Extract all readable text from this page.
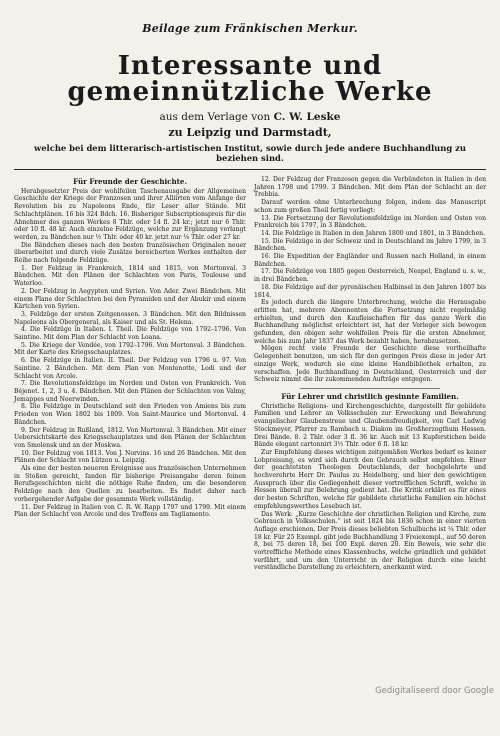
Beilage zum Fränkischen Merkur.
Interessante und gemeinnützliche Werke
aus dem Verlage von C. W. Leske
zu Leipzig und Darmstadt,
welche bei dem litterarisch-artistischen Institut, sowie durch jede andere Buchhandlung zu beziehen sind.
Für Freunde der Geschichte.

Herabgesetzter Preis der wohlfeilen Taschenausgabe der Allgemeinen Geschichte der Kriege der Franzosen und ihrer Alliirten vom Anfange der Revolution bis zu Napoleons Ende, für Leser aller Stände. Mit Schlachtplänen. 16 bis 324 Bdch. 16. Bisheriger Subscriptionspreis für die Abnehmer des ganzen Werkes 8 Thlr. oder 14 fl. 24 kr.; jetzt nur 6 Thlr. oder 10 fl. 48 kr. Auch einzelne Feldzüge, welche zur Ergänzung verlangt werden, zu Bändchen nur ½ Thlr. oder 40 kr. jetzt nur ⅛ Thlr. oder 27 kr.

Die Bändchen dieses nach den besten französischen Originalen neuer überarbeitet und durch viele Zusätze bereicherten Werkes enthalten der Reihe nach folgende Feldzüge.

1. Der Feldzug in Frankreich, 1814 und 1815, von Mortonval. 3 Bändchen. Mit den Plänen der Schlachten von Paris, Toulouse und Waterloo.

2. Der Feldzug in Aegypten und Syrien. Von Ader. Zwei Bändchen. Mit einem Plane der Schlachten bei den Pyramiden und der Abukir und einem Kärtchen von Syrien.

3. Feldzüge der ersten Zeitgenossen. 3 Bändchen. Mit den Bildnissen Napoleons als Obergeneral, als Kaiser und als St. Helena.

4. Die Feldzüge in Italien. I. Theil. Die Feldzüge von 1792–1796. Von Saintine. Mit dem Plan der Schlacht von Loana.

5. Die Kriege der Vendée, von 1792–1796. Von Mortonval. 3 Bändchen. Mit der Karte des Kriegsschauplatzes.

6. Die Feldzüge in Italien. II. Theil. Der Feldzug von 1796 u. 97. Von Saintine. 2 Bändchen. Mit dem Plan von Montenotte, Lodi und der Schlacht von Arcole.

7. Die Revolutionsfeldzüge im Norden und Osten von Frankreich. Von Béjenet. 1, 2, 3 u. 4. Bändchen. Mit den Plänen der Schlachten von Valmy, Jemappes und Neerwinden.

8. Die Feldzüge in Deutschland seit den Frieden von Amiens bis zum Frieden von Wien 1802 bis 1809. Von Saint-Maurice und Mortonval. 4 Bändchen.

9. Der Feldzug in Rußland, 1812. Von Mortonval. 3 Bändchen. Mit einer Uebersichtskarte des Kriegsschauplatzes und den Plänen der Schlachten von Smolensk und an der Moskwa.

10. Der Feldzug von 1813. Von J. Norvins. 16 und 26 Bändchen. Mit den Plänen der Schlacht von Lützen u. Leipzig.

Als eine der besten neueren Ereignisse aus französischen Unternehmen in Stoßen gereicht, fanden für bisherige Preisangabe deren feinen Berufsgeschichten nicht die nöthige Ruhe finden, um die besonderen Feldzüge nach den Quellen zu bearbeiten. Es findet daher nach vorhergehender Aufgabe der gesammte Werk vollständig.

11. Der Feldzug in Italien von C. R. W. Rapp 1797 und 1799. Mit einem Plan der Schlacht von Arcole und des Treffens am Tagliamento.

12. Der Feldzug der Franzosen gegen die Verbündeten in Italien in den Jahren 1798 und 1799. 3 Bändchen. Mit dem Plan der Schlacht an der Trebbia.

Darauf werden ohne Unterbrechung folgen, indem das Manuscript schon zum großen Theil fertig vorliegt:

13. Die Fortsetzung der Revolutionsfeldzüge im Norden und Osten von Frankreich bis 1797, in 3 Bändchen.

14. Die Feldzüge in Italien in den Jahren 1800 und 1801, in 3 Bändchen.

15. Die Feldzüge in der Schweiz und in Deutschland im Jahre 1799, in 3 Bändchen.

16. Die Expedition der Engländer und Russen nach Holland, in einem Bändchen.

17. Die Feldzüge von 1805 gegen Oesterreich, Neapel, England u. s. w., in drei Bändchen.

18. Die Feldzüge auf der pyrenäischen Halbinsel in den Jahren 1807 bis 1814.

Es jedoch durch die längere Unterbrechung, welche die Herausgabe erlitten hat, mehrere Abonnenten die Fortsetzung nicht regelmäßig erhielten, und durch den Kaufleischaften für das ganze Werk die Buchhandlung möglichst erleichtert ist, hat der Verleger sich bewogen gefunden, den obigen sehr wohlfeilen Preis für die ersten Abnehmer, welche bis zum Jahr 1837 das Werk bezahlt haben, herabzusetzen.

Mögen recht viele Freunde der Geschichte diese vortheilhafte Gelegenheit benutzen, um sich für den geringen Preis diese in jeder Art einzige Werk, wodurch sie eine kleine Handbibliothek erhalten, zu verschaffen. Jede Buchhandlung in Deutschland, Oesterreich und der Schweiz nimmt die ihr zukommenden Aufträge entgegen.

Für Lehrer und christlich gesinnte Familien.

Christliche Religions- und Kirchengeschichte, dargestellt für gebildete Familien und Lehrer an Volksschulen zur Erweckung und Bewahrung evangelischer Glaubenstreue und Glaubensfreudigkeit, von Carl Ludwig Stockmeyer, Pfarrer zu Rambach u. Diakon im Großherzogthum Hessen. Drei Bände. 8. 2 Thlr. oder 3 fl. 36 kr. Auch mit 13 Kupferstichen beide Bände elegant cartonnirt 3½ Thlr. oder 6 fl. 18 kr.

Zur Empfehlung dieses wichtigen zeitgemäßen Werkes bedarf es keiner Lobpreisung, es wird sich durch den Gebrauch selbst empfehlen. Einer der geachtetsten Theologen Deutschlands, der hochgelehrte und hochverehrte Herr Dr. Paulus zu Heidelberg, und hier den gewichtigen Ausspruch über die Gediegenheit dieser vortrefflichen Schrift, welche in Hessen überall zur Belehrung gedient hat. Die Kritik erklärt es für eines der besten Schriften, welche für gebildete christliche Familien ein höchst empfehlungswerthes Lesebuch ist.

Das Werk: „Kurze Geschichte der christlichen Religion und Kirche, zum Gebrauch in Volksschulen.“ ist seit 1824 bis 1836 schon in einer vierten Auflage erschienen. Der Preis dieses beliebten Schulbuchs ist ¼ Thlr. oder 18 kr. Für 25 Exempl. gibt jede Buchhandlung 3 Freiexempl., auf 50 deren 8, bei 75 deren 18, bei 100 Expl. deren 20. Ein Beweis, wie sehr die vortreffliche Methode eines Klassenbuchs, welche gründlich und gebildet verfährt, und um den Unterricht in der Religion durch eine leicht verständliche Darstellung zu erleichtern, anerkannt wird.

Gedigitaliseerd door Google
